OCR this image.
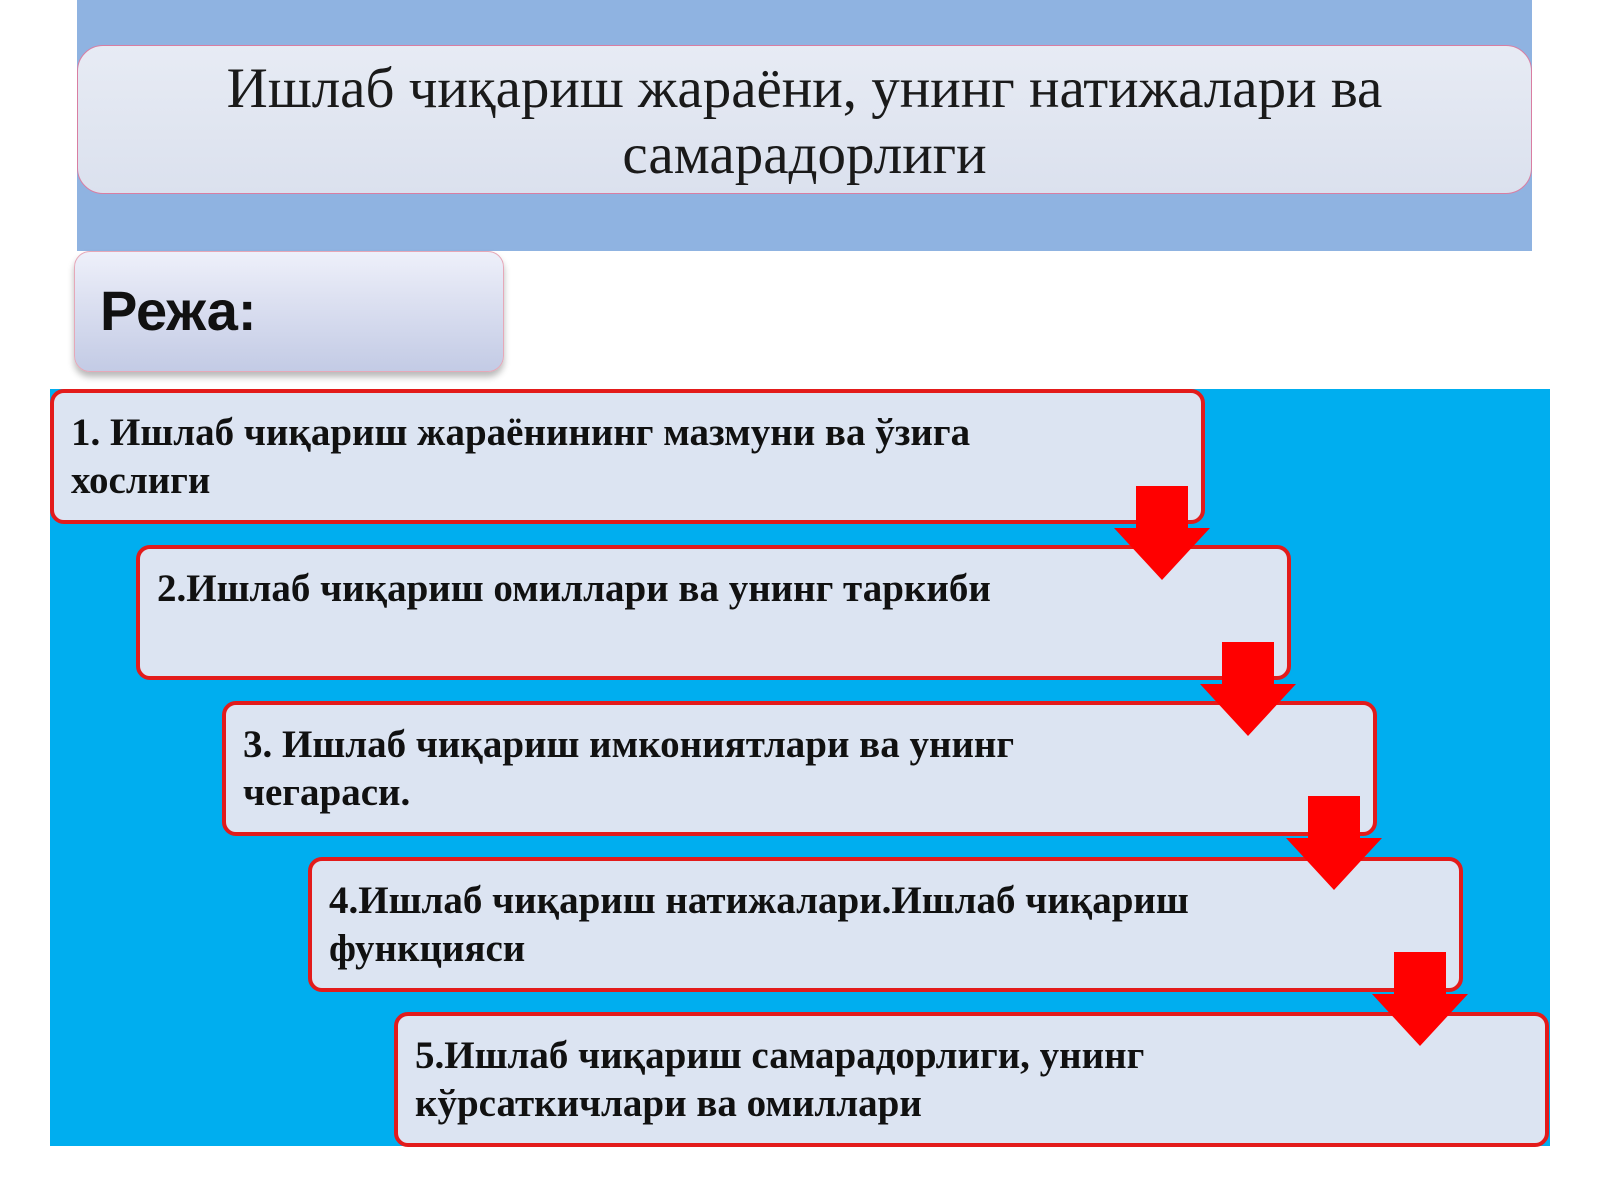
Ишлаб чиқариш жараёни, унинг натижалари ва самарадорлиги
Режа:
1. Ишлаб чиқариш жараёнининг мазмуни ва ўзига хослиги
2.Ишлаб чиқариш омиллари ва унинг таркиби
3. Ишлаб чиқариш имкониятлари ва унинг чегараси.
4.Ишлаб чиқариш натижалари.Ишлаб чиқариш функцияси
5.Ишлаб чиқариш самарадорлиги, унинг кўрсаткичлари ва омиллари
